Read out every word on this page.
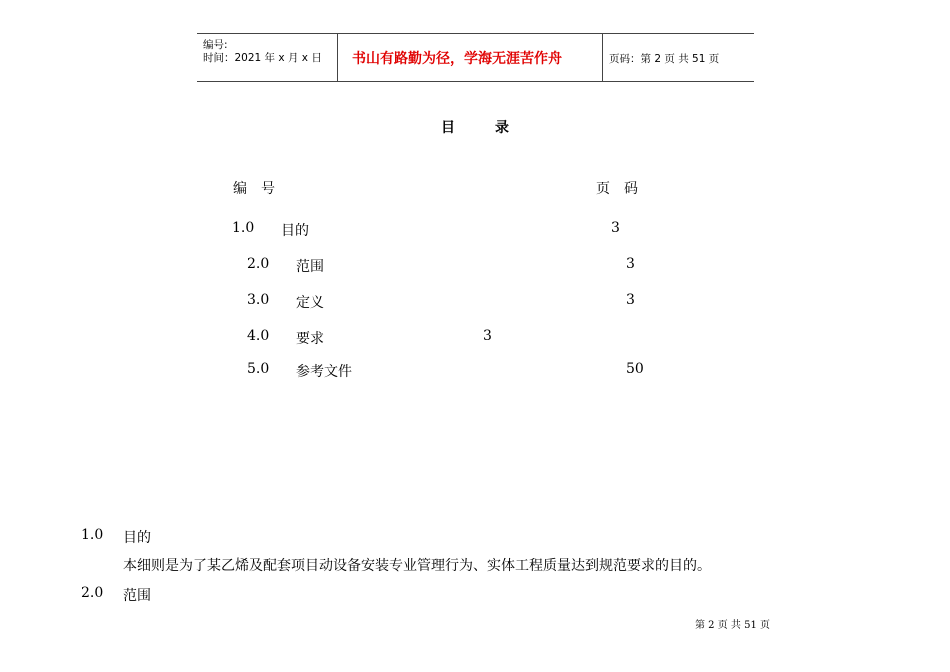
编号:
时间：2021 年 x 月 x 日 书山有路勤为径，学海无涯苦作舟	页码：第 2 页 共 51 页
目	录
编　号	页　码
1.0 目的	3
2.0 范围	3
3.0 定义	3
4.0 要求	3
5.0 参考文件	50
1.0 目的
本细则是为了某乙烯及配套项目动设备安装专业管理行为、实体工程质量达到规范要求的目的。
2.0 范围
第 2 页 共 51 页
